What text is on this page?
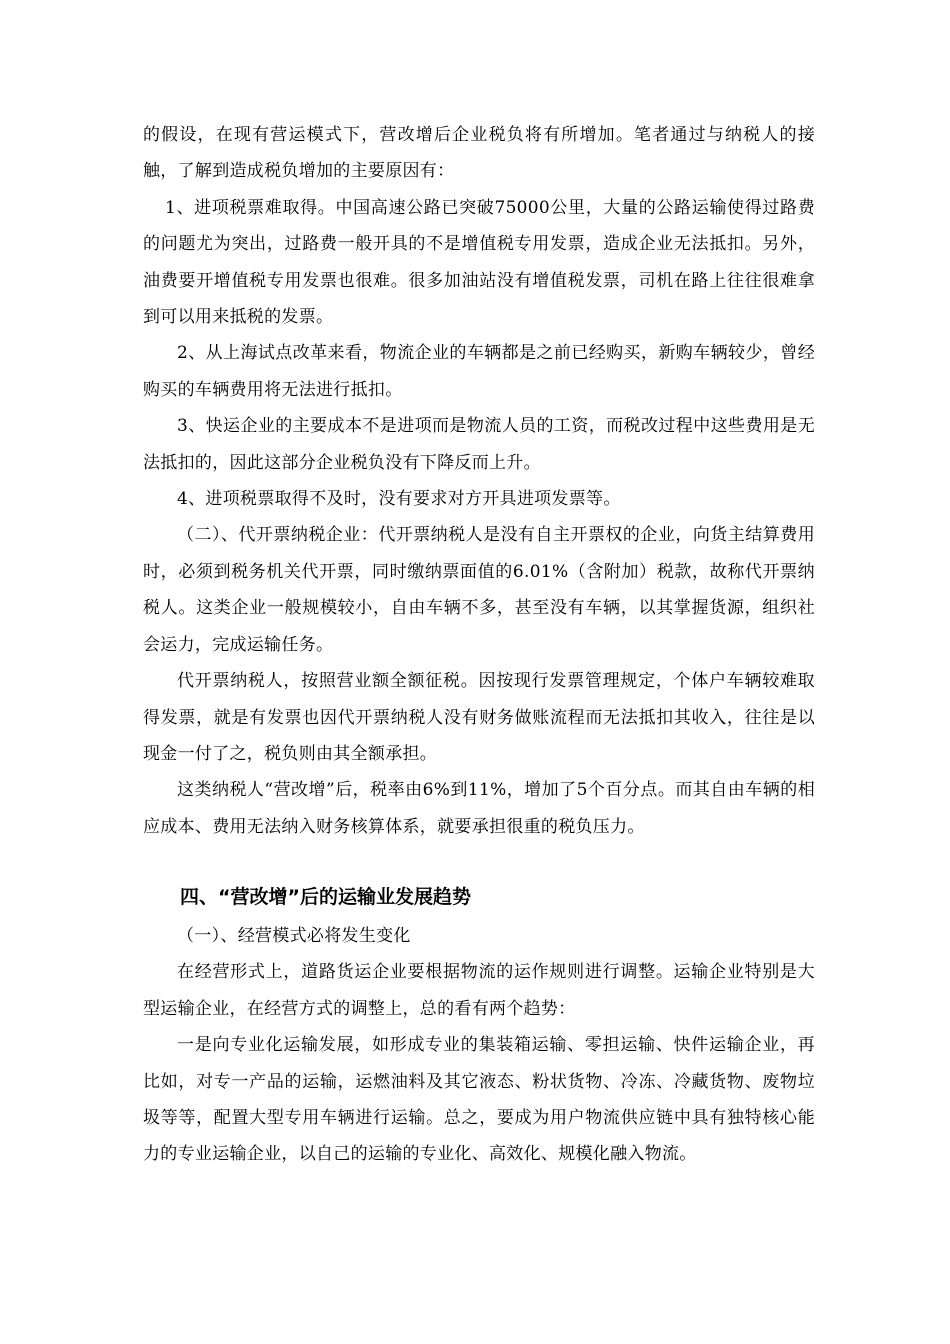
的假设，在现有营运模式下，营改增后企业税负将有所增加。笔者通过与纳税人的接触，了解到造成税负增加的主要原因有：

1、进项税票难取得。中国高速公路已突破75000公里，大量的公路运输使得过路费的问题尤为突出，过路费一般开具的不是增值税专用发票，造成企业无法抵扣。另外，油费要开增值税专用发票也很难。很多加油站没有增值税发票，司机在路上往往很难拿到可以用来抵税的发票。

2、从上海试点改革来看，物流企业的车辆都是之前已经购买，新购车辆较少，曾经购买的车辆费用将无法进行抵扣。

3、快运企业的主要成本不是进项而是物流人员的工资，而税改过程中这些费用是无法抵扣的，因此这部分企业税负没有下降反而上升。

4、进项税票取得不及时，没有要求对方开具进项发票等。

（二）、代开票纳税企业：代开票纳税人是没有自主开票权的企业，向货主结算费用时，必须到税务机关代开票，同时缴纳票面值的6.01%（含附加）税款，故称代开票纳税人。这类企业一般规模较小，自由车辆不多，甚至没有车辆，以其掌握货源，组织社会运力，完成运输任务。

代开票纳税人，按照营业额全额征税。因按现行发票管理规定，个体户车辆较难取得发票，就是有发票也因代开票纳税人没有财务做账流程而无法抵扣其收入，往往是以现金一付了之，税负则由其全额承担。

这类纳税人“营改增”后，税率由6%到11%，增加了5个百分点。而其自由车辆的相应成本、费用无法纳入财务核算体系，就要承担很重的税负压力。

四、“营改增”后的运输业发展趋势

（一）、经营模式必将发生变化

在经营形式上，道路货运企业要根据物流的运作规则进行调整。运输企业特别是大型运输企业，在经营方式的调整上，总的看有两个趋势：

一是向专业化运输发展，如形成专业的集装箱运输、零担运输、快件运输企业，再比如，对专一产品的运输，运燃油料及其它液态、粉状货物、冷冻、冷藏货物、废物垃圾等等，配置大型专用车辆进行运输。总之，要成为用户物流供应链中具有独特核心能力的专业运输企业，以自己的运输的专业化、高效化、规模化融入物流。
